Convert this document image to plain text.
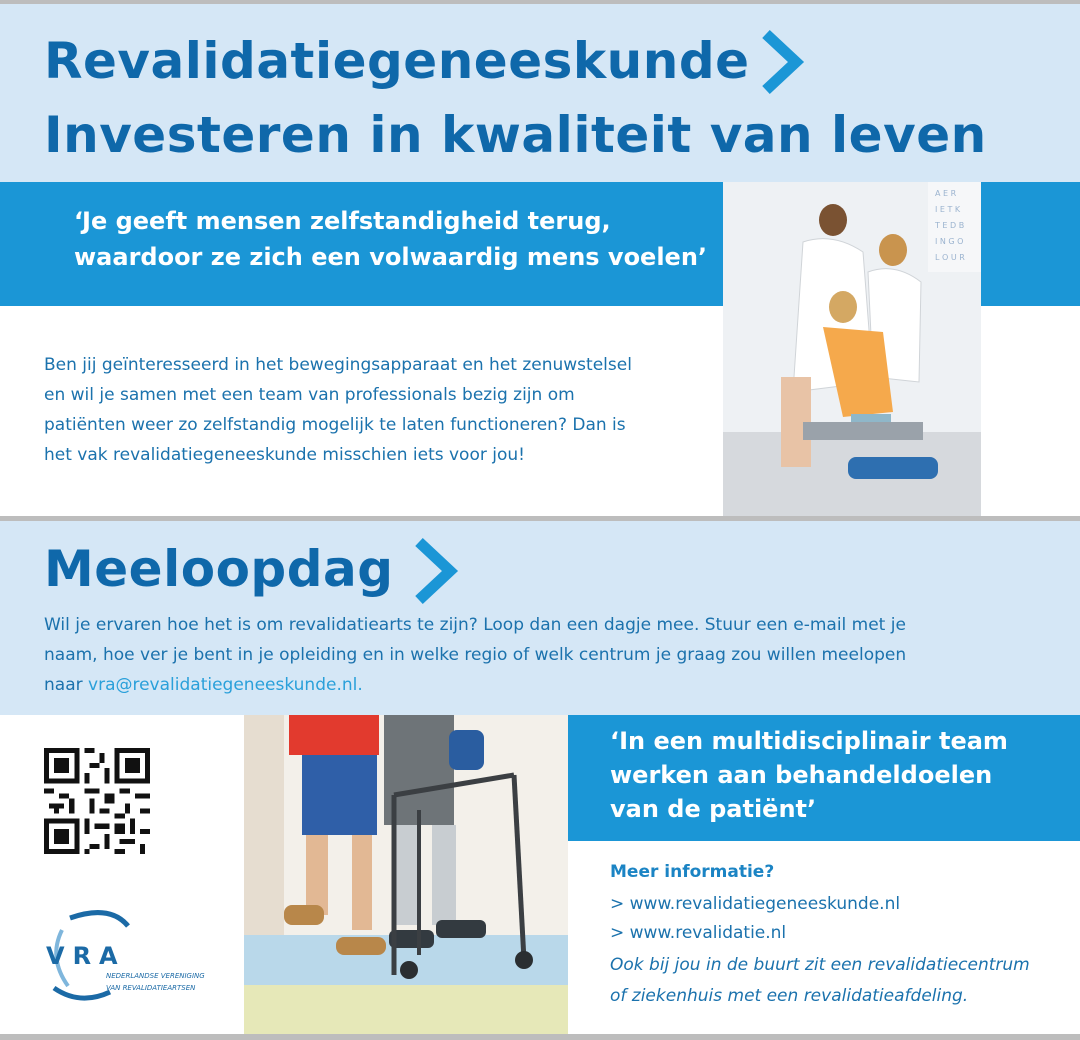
Revalidatiegeneeskunde
Investeren in kwaliteit van leven
‘Je geeft mensen zelfstandigheid terug,
waardoor ze zich een volwaardig mens voelen’
A E R
I E T K
T E D B
I N G O
L O U R
Ben jij geïnteresseerd in het bewegingsapparaat en het zenuwstelsel
en wil je samen met een team van professionals bezig zijn om
patiënten weer zo zelfstandig mogelijk te laten functioneren? Dan is
het vak revalidatiegeneeskunde misschien iets voor jou!
Meeloopdag
Wil je ervaren hoe het is om revalidatiearts te zijn? Loop dan een dagje mee. Stuur een e-mail met je
naam, hoe ver je bent in je opleiding en in welke regio of welk centrum je graag zou willen meelopen
naar vra@revalidatiegeneeskunde.nl.
VRA
NEDERLANDSE VERENIGING
VAN REVALIDATIEARTSEN
‘In een multidisciplinair team
werken aan behandeldoelen
van de patiënt’
Meer informatie?
> www.revalidatiegeneeskunde.nl
> www.revalidatie.nl
Ook bij jou in de buurt zit een revalidatiecentrum
of ziekenhuis met een revalidatieafdeling.
